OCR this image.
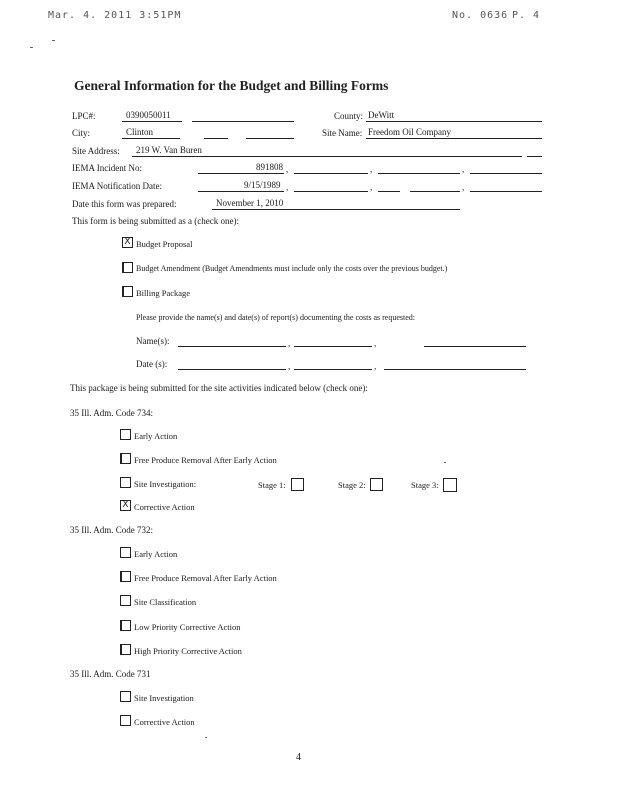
Mar. 4. 2011 3:51PM	No. 0636 P. 4
General Information for the Budget and Billing Forms
LPC#:	0390050011	County: DeWitt
City:	Clinton	Site Name: Freedom Oil Company
Site Address: 219 W. Van Buren
IEMA Incident No:	891808 ,	,	,
IEMA Notification Date:	9/15/1989 ,	,	,
Date this form was prepared:	November 1, 2010
This form is being submitted as a (check one):
X Budget Proposal
Budget Amendment (Budget Amendments must include only the costs over the previous budget.)
Billing Package
Please provide the name(s) and date(s) of report(s) documenting the costs as requested:
Name(s):	,	,
Date (s):	,	,
This package is being submitted for the site activities indicated below (check one):
35 Ill. Adm. Code 734:
Early Action
Free Produce Removal After Early Action
Site Investigation:	Stage 1:	Stage 2:	Stage 3:
X Corrective Action
35 Ill. Adm. Code 732:
Early Action
Free Produce Removal After Early Action
Site Classification
Low Priority Corrective Action
High Priority Corrective Action
35 Ill. Adm. Code 731
Site Investigation
Corrective Action
4
